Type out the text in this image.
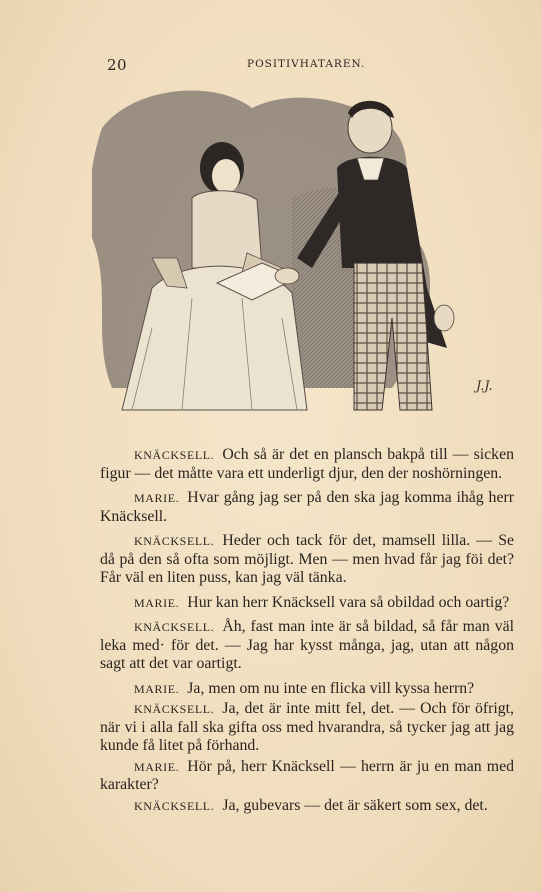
20	POSITIVHATAREN.
J.J.

KNÄCKSELL. Och så är det en plansch bakpå till — sicken figur — det måtte vara ett underligt djur, den der noshörningen.

MARIE. Hvar gång jag ser på den ska jag komma ihåg herr Knäcksell.

KNÄCKSELL. Heder och tack för det, mamsell lilla. — Se då på den så ofta som möjligt. Men — men hvad får jag föi det? Får väl en liten puss, kan jag väl tänka.

MARIE. Hur kan herr Knäcksell vara så obildad och oartig?

KNÄCKSELL. Åh, fast man inte är så bildad, så får man väl leka med· för det. — Jag har kysst många, jag, utan att någon sagt att det var oartigt.

MARIE. Ja, men om nu inte en flicka vill kyssa herrn?

KNÄCKSELL. Ja, det är inte mitt fel, det. — Och för öfrigt, när vi i alla fall ska gifta oss med hvarandra, så tycker jag att jag kunde få litet på förhand.

MARIE. Hör på, herr Knäcksell — herrn är ju en man med karakter?

KNÄCKSELL. Ja, gubevars — det är säkert som sex, det.
